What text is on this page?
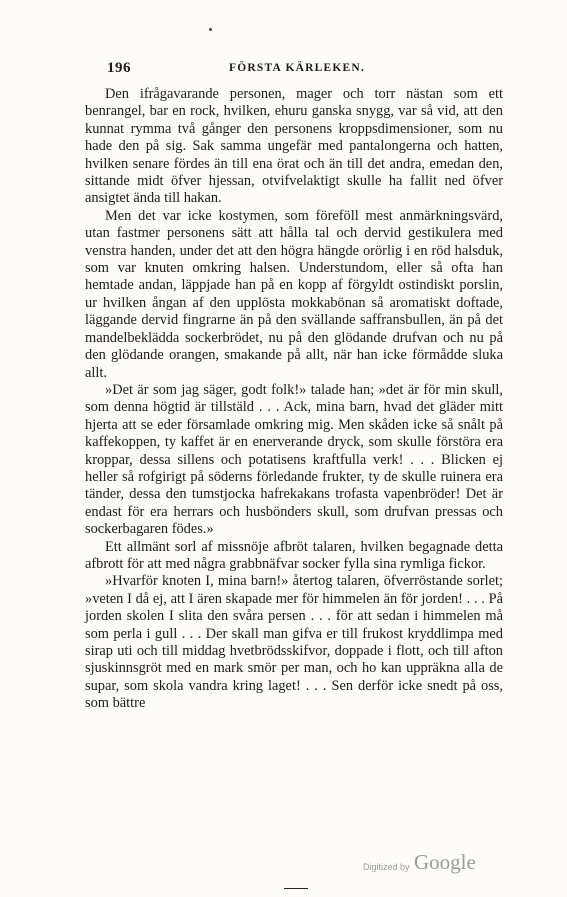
196	FÖRSTA KÄRLEKEN.

Den ifrågavarande personen, mager och torr nästan som ett benrangel, bar en rock, hvilken, ehuru ganska snygg, var så vid, att den kunnat rymma två gånger den personens kroppsdimensioner, som nu hade den på sig. Sak samma ungefär med pantalongerna och hatten, hvilken senare fördes än till ena örat och än till det andra, emedan den, sittande midt öfver hjessan, otvifvelaktigt skulle ha fallit ned öfver ansigtet ända till hakan.

Men det var icke kostymen, som föreföll mest anmärkningsvärd, utan fastmer personens sätt att hålla tal och dervid gestikulera med venstra handen, under det att den högra hängde orörlig i en röd halsduk, som var knuten omkring halsen. Understundom, eller så ofta han hemtade andan, läppjade han på en kopp af förgyldt ostindiskt porslin, ur hvilken ångan af den upplösta mokkabönan så aromatiskt doftade, läggande dervid fingrarne än på den svällande saffransbullen, än på det mandelbeklädda sockerbrödet, nu på den glödande drufvan och nu på den glödande orangen, smakande på allt, när han icke förmådde sluka allt.

»Det är som jag säger, godt folk!» talade han; »det är för min skull, som denna högtid är tillstäld . . . Ack, mina barn, hvad det gläder mitt hjerta att se eder församlade omkring mig. Men skåden icke så snålt på kaffekoppen, ty kaffet är en enerverande dryck, som skulle förstöra era kroppar, dessa sillens och potatisens kraftfulla verk! . . . Blicken ej heller så rofgirigt på söderns förledande frukter, ty de skulle ruinera era tänder, dessa den tumstjocka hafrekakans trofasta vapenbröder! Det är endast för era herrars och husbönders skull, som drufvan pressas och sockerbagaren födes.»

Ett allmänt sorl af missnöje afbröt talaren, hvilken begagnade detta afbrott för att med några grabbnäfvar socker fylla sina rymliga fickor.

»Hvarför knoten I, mina barn!» återtog talaren, öfverröstande sorlet; »veten I då ej, att I ären skapade mer för himmelen än för jorden! . . . På jorden skolen I slita den svåra persen . . . för att sedan i himmelen må som perla i gull . . . Der skall man gifva er till frukost kryddlimpa med sirap uti och till middag hvetbrödsskifvor, doppade i flott, och till afton sjuskinnsgröt med en mark smör per man, och ho kan uppräkna alla de supar, som skola vandra kring laget! . . . Sen derför icke snedt på oss, som bättre

Digitized by Google
